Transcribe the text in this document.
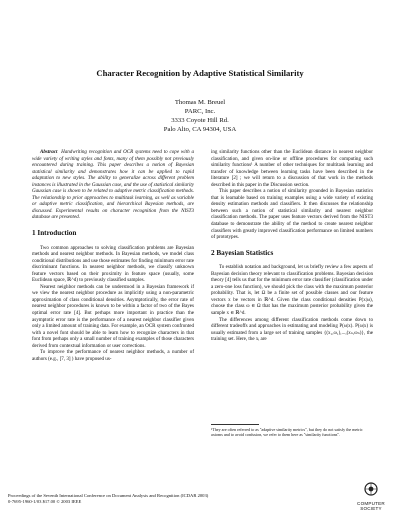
Character Recognition by Adaptive Statistical Similarity
Thomas M. Breuel
PARC, Inc.
3333 Coyote Hill Rd.
Palo Alto, CA 94304, USA

Abstract Handwriting recognition and OCR systems need to cope with a wide variety of writing styles and fonts, many of them possibly not previously encountered during training. This paper describes a notion of Bayesian statistical similarity and demonstrates how it can be applied to rapid adaptation to new styles. The ability to generalize across different problem instances is illustrated in the Gaussian case, and the use of statistical similarity Gaussian case is shown to be related to adaptive metric classification methods. The relationship to prior approaches to multitask learning, as well as variable or adaptive metric classification, and hierarchical Bayesian methods, are discussed. Experimental results on character recognition from the NIST3 database are presented.

1 Introduction

Two common approaches to solving classification problems are Bayesian methods and nearest neighbor methods. In Bayesian methods, we model class conditional distributions and use those estimates for finding minimum error rate discriminant functions. In nearest neighbor methods, we classify unknown feature vectors based on their proximity in feature space (usually, some Euclidean space, ℝ^d) to previously classified samples.

Nearest neighbor methods can be understood in a Bayesian framework if we view the nearest neighbor procedure as implicitly using a non-parametric approximation of class conditional densities. Asymptotically, the error rate of nearest neighbor procedures is known to be within a factor of two of the Bayes optimal error rate [4]. But perhaps more important in practice than the asymptotic error rate is the performance of a nearest neighbor classifier given only a limited amount of training data. For example, an OCR system confronted with a novel font should be able to learn how to recognize characters in that font from perhaps only a small number of training examples of those characters derived from contextual information or user corrections.

To improve the performance of nearest neighbor methods, a number of authors (e.g., [7, 3] ) have proposed us-

ing similarity functions other than the Euclidean distance in nearest neighbor classification, and given on-line or offline procedures for computing such similarity functions¹ A number of other techniques for multitask learning and transfer of knowledge between learning tasks have been described in the literature [2] ; we will return to a discussion of that work in the methods described in this paper in the Discussion section.

This paper describes a notion of similarity grounded in Bayesian statistics that is learnable based on training examples using a wide variety of existing density estimation methods and classifiers. It then discusses the relationship between such a notion of statistical similarity and nearest neighbor classification methods. The paper uses feature vectors derived from the NIST3 database to demonstrate the ability of the method to create nearest neighbor classifiers with greatly improved classification performance on limited numbers of prototypes.

2 Bayesian Statistics

To establish notation and background, let us briefly review a few aspects of Bayesian decision theory relevant to classification problems. Bayesian decision theory [4] tells us that for the minimum error rate classifier (classification under a zero-one loss function), we should pick the class with the maximum posterior probability. That is, let Ω be a finite set of possible classes and our feature vectors x be vectors in ℝ^d. Given the class conditional densities P(x|ω), choose the class ω ∈ Ω that has the maximum posterior probability given the sample x ∈ ℝ^d.

The differences among different classification methods come down to different tradeoffs and approaches in estimating and modeling P(ω|x). P(ω|x) is usually estimated from a large set of training samples {(x₁,ω₁),...,(xₙ,ωₙ)}, the training set. Here, the xᵢ are

¹They are often referred to as "adaptive similarity metrics", but they do not satisfy the metric axioms and to avoid confusion, we refer to them here as "similarity functions".
Proceedings of the Seventh International Conference on Document Analysis and Recognition (ICDAR 2003)
0-7695-1960-1/03 $17.00 © 2003 IEEE	COMPUTER
SOCIETY
